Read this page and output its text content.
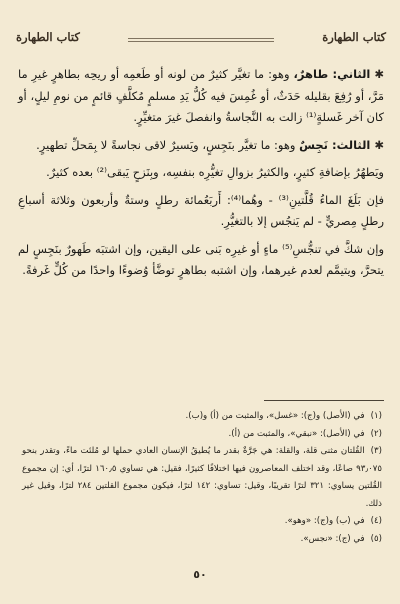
كتاب الطهارة
كتاب الطهارة

✱الثاني: طاهرٌ، وهو: ما تغيَّر كثيرٌ من لونه أو طَعمِه أو ريحِه بطاهرٍ غيرِ ما مَرَّ، أو رُفِعَ بقليله حَدَثٌ، أو غُمِسَ فيه كُلُّ يَدِ مسلمٍ مُكلَّفٍ قائمٍ من نومِ ليلٍ، أو كان آخر غَسلةٍ⁽¹⁾ زالت به النَّجاسةُ وانفصلَ غيرَ متغيِّرٍ.

✱الثالث: نَجِسٌ وهو: ما تغيَّر بنَجِسٍ، ويَسيرٌ لاقى نجاسةً لا بِمَحلِّ تطهيرٍ.

ويَطهُرُ بإضافةِ كثيرٍ، والكثيرُ بزوالِ تغيُّرِه بنفسِه، وبِنَزحٍ يَبقى⁽²⁾ بعده كثيرٌ.

فإن بَلَغَ الماءُ قُلَّتينِ⁽³⁾ - وهُما⁽⁴⁾: أَربَعُمائة رطلٍ وستةٌ وأربعون وثلاثة أسباعِ رطلٍ مِصريٍّ - لم يَنجُس إلا بالتغيُّرِ.

وإن شكَّ في تنجُّسِ⁽⁵⁾ ماءٍ أو غيرِه بَنى على اليقين، وإن اشتبَه طَهورٌ بنَجِسٍ لم يتحرَّ، ويتيمَّم لعدم غيرهما، وإن اشتبه بطاهرٍ توضَّأ وُضوءًا واحدًا من كُلٍّ غَرفةً.

(١)في (الأصل) و(ج): «غسل»، والمثبت من (أ) و(ب).

(٢)في (الأصل): «نبقي»، والمثبت من (أ).

(٣)القُلتان مثنى قلة، والقلة: هي جَرَّةٌ بقدر ما يُطيقُ الإنسان العادي حملها لو مُلئت ماءً، وتقدر بنحو ٩٣٫٠٧٥ صاعًا، وقد اختلف المعاصرون فيها اختلافًا كثيرًا، فقيل: هي تساوي ١٦٠٫٥ لترًا، أي: إن مجموع القُلتين يساوي: ٣٢١ لترًا تقريبًا، وقيل: تساوي: ١٤٢ لترًا، فيكون مجموع القلتين ٢٨٤ لترًا، وقيل غير ذلك.

(٤)في (ب) و(ج): «وهو».

(٥)في (ج): «نجس».

٥٠
